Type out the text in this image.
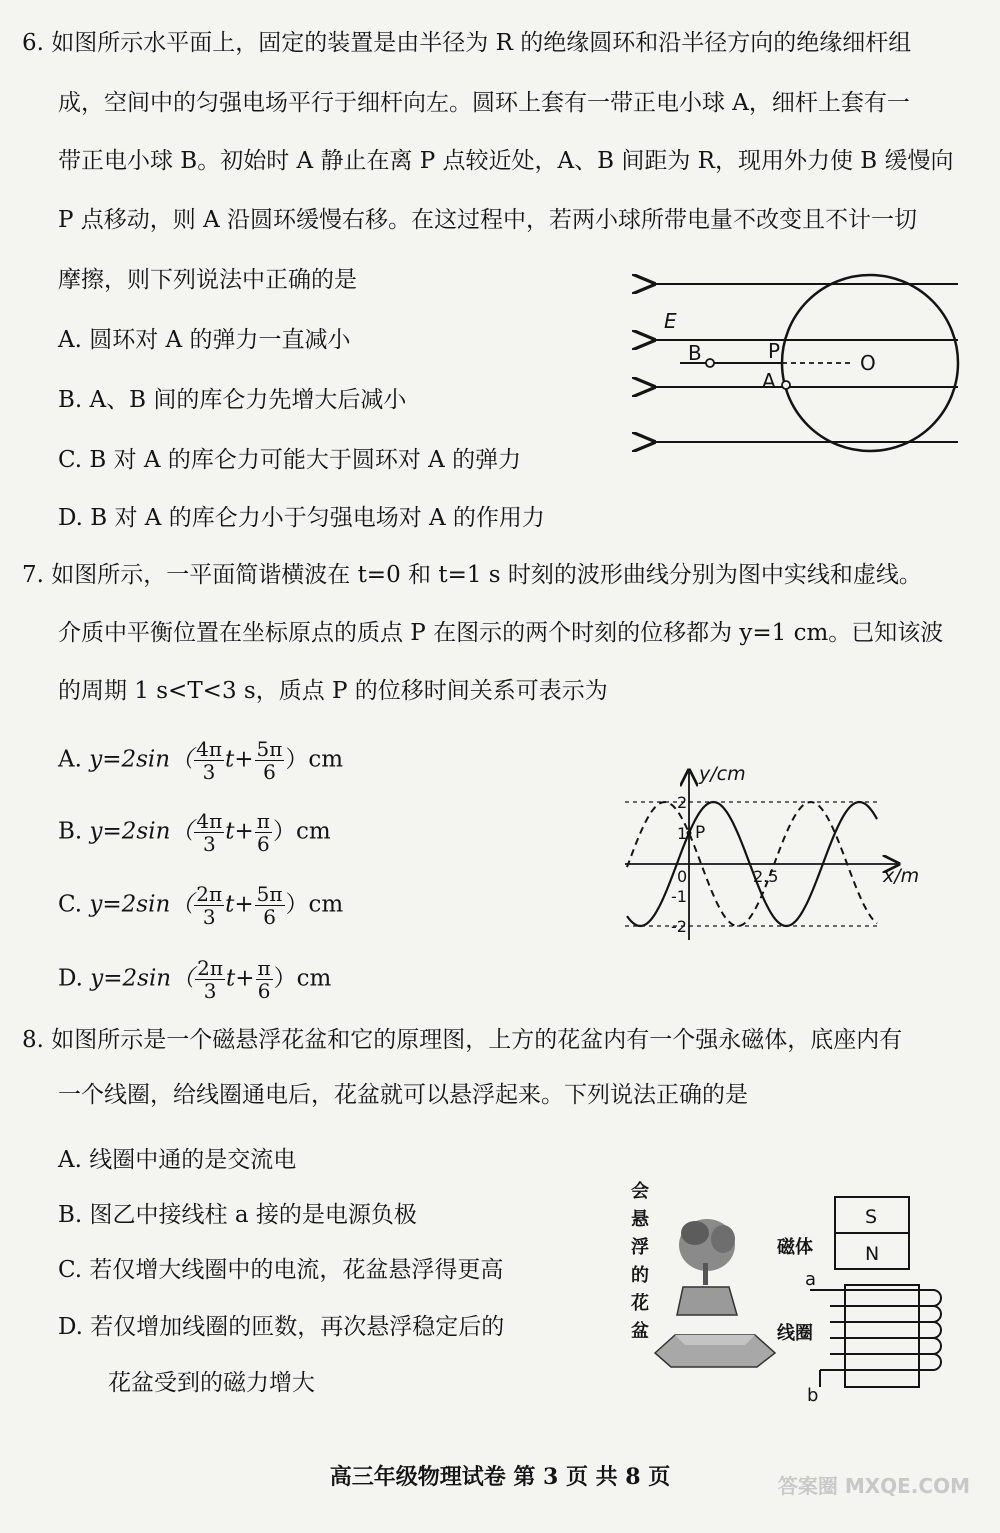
6. 如图所示水平面上，固定的装置是由半径为 R 的绝缘圆环和沿半径方向的绝缘细杆组
成，空间中的匀强电场平行于细杆向左。圆环上套有一带正电小球 A，细杆上套有一
带正电小球 B。初始时 A 静止在离 P 点较近处，A、B 间距为 R，现用外力使 B 缓慢向
P 点移动，则 A 沿圆环缓慢右移。在这过程中，若两小球所带电量不改变且不计一切
摩擦，则下列说法中正确的是
A. 圆环对 A 的弹力一直减小
B. A、B 间的库仑力先增大后减小
C. B 对 A 的库仑力可能大于圆环对 A 的弹力
D. B 对 A 的库仑力小于匀强电场对 A 的作用力
E
B	P	O
A
7. 如图所示，一平面简谐横波在 t=0 和 t=1 s 时刻的波形曲线分别为图中实线和虚线。
介质中平衡位置在坐标原点的质点 P 在图示的两个时刻的位移都为 y=1 cm。已知该波
的周期 1 s<T<3 s，质点 P 的位移时间关系可表示为
A. $y=2\sin( \frac{4\pi}{3} t+ \frac{5\pi}{6} )cm$
B. $y=2\sin( \frac{4\pi}{3} t+ \frac{\pi}{6} )cm$
C. $y=2\sin( \frac{2\pi}{3} t+ \frac{5\pi}{6} )cm$
D. $y=2\sin( \frac{2\pi}{3} t+ \frac{\pi}{6} )cm$
y/cm
x/m
2
1
-1
-2
0	2.5
P
8. 如图所示是一个磁悬浮花盆和它的原理图，上方的花盆内有一个强永磁体，底座内有
一个线圈，给线圈通电后，花盆就可以悬浮起来。下列说法正确的是
A. 线圈中通的是交流电
B. 图乙中接线柱 a 接的是电源负极
C. 若仅增大线圈中的电流，花盆悬浮得更高
D. 若仅增加线圈的匝数，再次悬浮稳定后的
花盆受到的磁力增大
会
悬
浮
的
花
盆
S
N
磁体
a
b
线圈
高三年级物理试卷 第 3 页 共 8 页	答案圈 MXQE.COM
